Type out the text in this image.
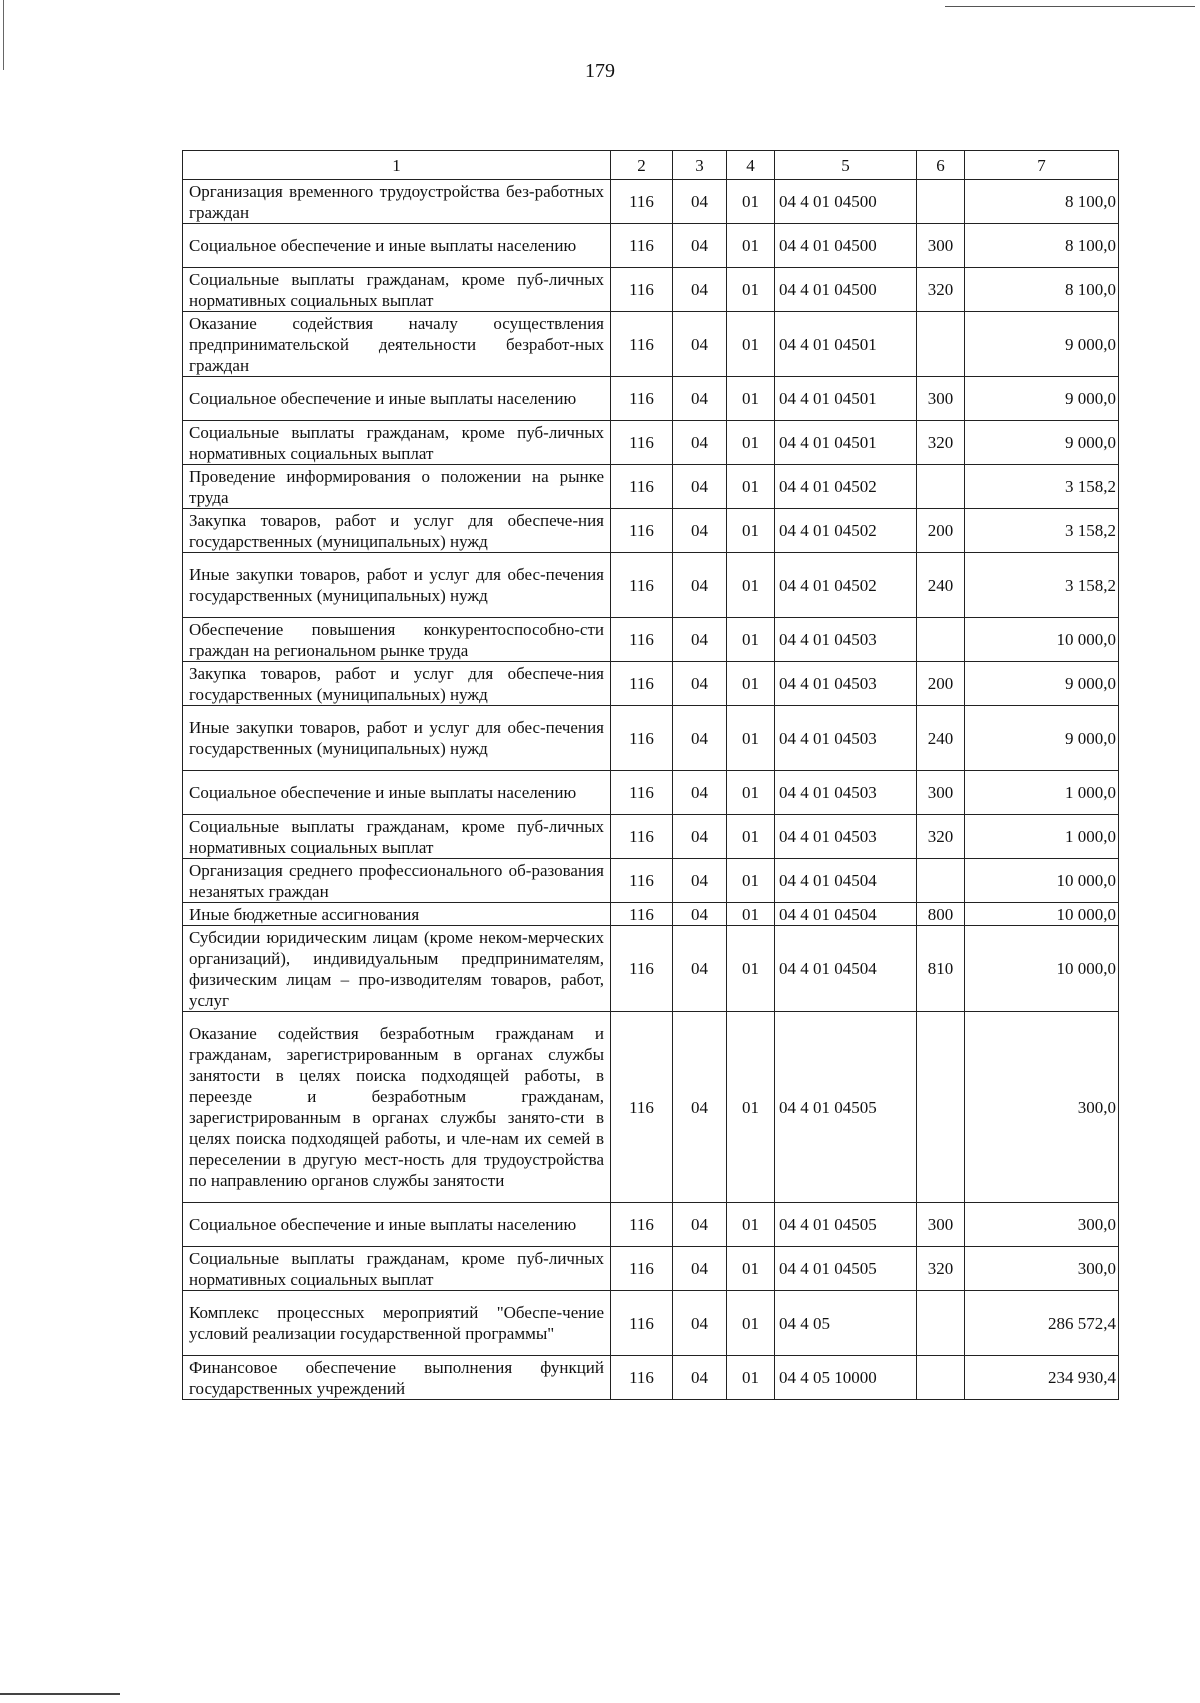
179
1	2	3	4	5	6	7
Организация временного трудоустройства без-работных граждан	116	04	01	04 4 01 04500		8 100,0
Социальное обеспечение и иные выплаты населению	116	04	01	04 4 01 04500	300	8 100,0
Социальные выплаты гражданам, кроме пуб-личных нормативных социальных выплат	116	04	01	04 4 01 04500	320	8 100,0
Оказание содействия началу осуществления предпринимательской деятельности безработ-ных граждан	116	04	01	04 4 01 04501		9 000,0
Социальное обеспечение и иные выплаты населению	116	04	01	04 4 01 04501	300	9 000,0
Социальные выплаты гражданам, кроме пуб-личных нормативных социальных выплат	116	04	01	04 4 01 04501	320	9 000,0
Проведение информирования о положении на рынке труда	116	04	01	04 4 01 04502		3 158,2
Закупка товаров, работ и услуг для обеспече-ния государственных (муниципальных) нужд	116	04	01	04 4 01 04502	200	3 158,2
Иные закупки товаров, работ и услуг для обес-печения государственных (муниципальных) нужд	116	04	01	04 4 01 04502	240	3 158,2
Обеспечение повышения конкурентоспособно-сти граждан на региональном рынке труда	116	04	01	04 4 01 04503		10 000,0
Закупка товаров, работ и услуг для обеспече-ния государственных (муниципальных) нужд	116	04	01	04 4 01 04503	200	9 000,0
Иные закупки товаров, работ и услуг для обес-печения государственных (муниципальных) нужд	116	04	01	04 4 01 04503	240	9 000,0
Социальное обеспечение и иные выплаты населению	116	04	01	04 4 01 04503	300	1 000,0
Социальные выплаты гражданам, кроме пуб-личных нормативных социальных выплат	116	04	01	04 4 01 04503	320	1 000,0
Организация среднего профессионального об-разования незанятых граждан	116	04	01	04 4 01 04504		10 000,0
Иные бюджетные ассигнования	116	04	01	04 4 01 04504	800	10 000,0
Субсидии юридическим лицам (кроме неком-мерческих организаций), индивидуальным предпринимателям, физическим лицам – про-изводителям товаров, работ, услуг	116	04	01	04 4 01 04504	810	10 000,0
Оказание содействия безработным гражданам и гражданам, зарегистрированным в органах службы занятости в целях поиска подходящей работы, в переезде и безработным гражданам, зарегистрированным в органах службы занято-сти в целях поиска подходящей работы, и чле-нам их семей в переселении в другую мест-ность для трудоустройства по направлению органов службы занятости	116	04	01	04 4 01 04505		300,0
Социальное обеспечение и иные выплаты населению	116	04	01	04 4 01 04505	300	300,0
Социальные выплаты гражданам, кроме пуб-личных нормативных социальных выплат	116	04	01	04 4 01 04505	320	300,0
Комплекс процессных мероприятий "Обеспе-чение условий реализации государственной программы"	116	04	01	04 4 05		286 572,4
Финансовое обеспечение выполнения функций государственных учреждений	116	04	01	04 4 05 10000		234 930,4
